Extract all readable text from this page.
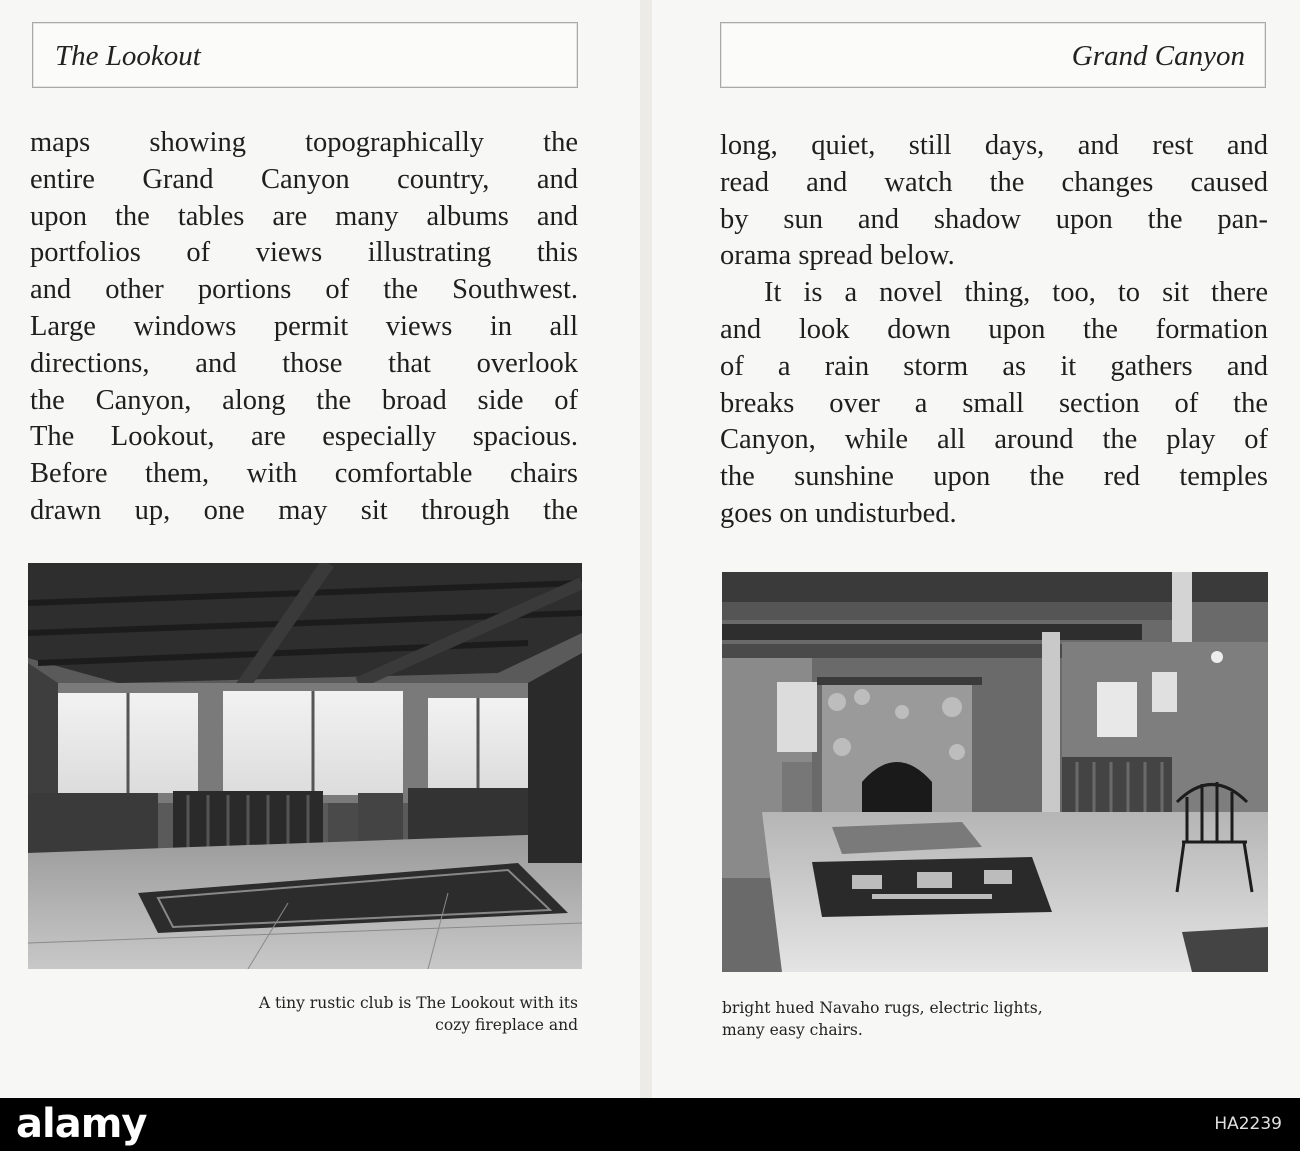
The Lookout	Grand Canyon

maps showing topographically the
entire Grand Canyon country, and
upon the tables are many albums and
portfolios of views illustrating this
and other portions of the Southwest.
Large windows permit views in all
directions, and those that overlook
the Canyon, along the broad side of
The Lookout, are especially spacious.
Before them, with comfortable chairs
drawn up, one may sit through the

long, quiet, still days, and rest and
read and watch the changes caused
by sun and shadow upon the pan-
orama spread below.
It is a novel thing, too, to sit there
and look down upon the formation
of a rain storm as it gathers and
breaks over a small section of the
Canyon, while all around the play of
the sunshine upon the red temples
goes on undisturbed.

A tiny rustic club is The Lookout with its
cozy fireplace and

bright hued Navaho rugs, electric lights,
many easy chairs.

alamy	HA2239
